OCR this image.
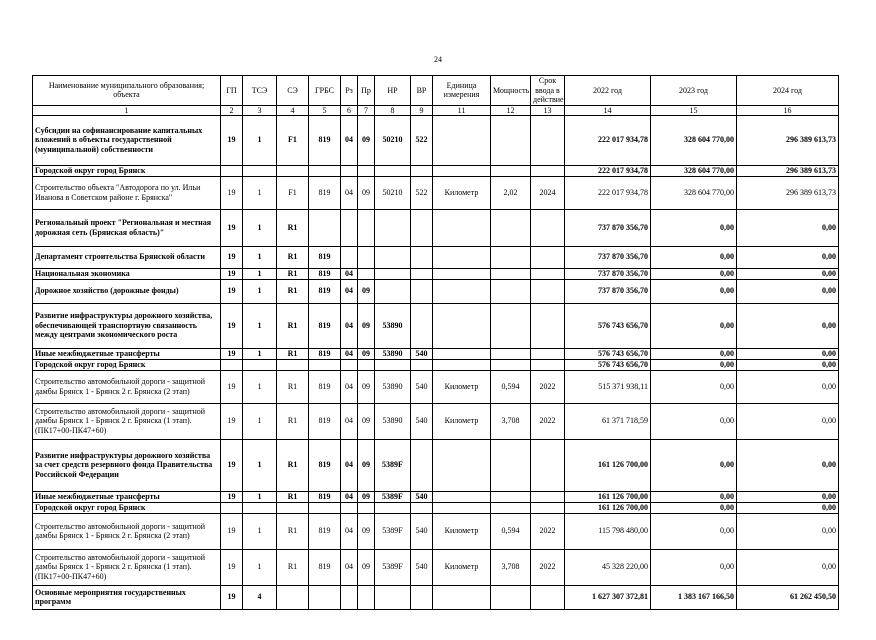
24
Наименование муниципального образования; объекта	ГП	ТСЭ	СЭ	ГРБС	Рз	Пр	НР	ВР	Единица измерения	Мощность	Срок ввода в действие	2022 год	2023 год	2024 год
1	2	3	4	5	6	7	8	9	11	12	13	14	15	16
Субсидии на софинансирование капитальных вложений в объекты государственной (муниципальной) собственности	19	1	F1	819	04	09	50210	522				222 017 934,78	328 604 770,00	296 389 613,73
Городской округ город Брянск												222 017 934,78	328 604 770,00	296 389 613,73
Строительство объекта "Автодорога по ул. Ильи Иванова в Советском районе г. Брянска"	19	1	F1	819	04	09	50210	522	Километр	2,02	2024	222 017 934,78	328 604 770,00	296 389 613,73
Региональный проект "Региональная и местная дорожная сеть (Брянская область)"	19	1	R1									737 870 356,70	0,00	0,00
Департамент строительства Брянской области	19	1	R1	819								737 870 356,70	0,00	0,00
Национальная экономика	19	1	R1	819	04							737 870 356,70	0,00	0,00
Дорожное хозяйство (дорожные фонды)	19	1	R1	819	04	09						737 870 356,70	0,00	0,00
Развитие инфраструктуры дорожного хозяйства, обеспечивающей транспортную связанность между центрами экономического роста	19	1	R1	819	04	09	53890					576 743 656,70	0,00	0,00
Иные межбюджетные трансферты	19	1	R1	819	04	09	53890	540				576 743 656,70	0,00	0,00
Городской округ город Брянск												576 743 656,70	0,00	0,00
Строительство автомобильной дороги - защитной дамбы Брянск 1 - Брянск 2 г. Брянска (2 этап)	19	1	R1	819	04	09	53890	540	Километр	0,594	2022	515 371 938,11	0,00	0,00
Строительство автомобильной дороги - защитной дамбы Брянск 1 - Брянск 2 г. Брянска (1 этап). (ПК17+00-ПК47+60)	19	1	R1	819	04	09	53890	540	Километр	3,708	2022	61 371 718,59	0,00	0,00
Развитие инфраструктуры дорожного хозяйства за счет средств резервного фонда Правительства Российской Федерации	19	1	R1	819	04	09	5389F					161 126 700,00	0,00	0,00
Иные межбюджетные трансферты	19	1	R1	819	04	09	5389F	540				161 126 700,00	0,00	0,00
Городской округ город Брянск												161 126 700,00	0,00	0,00
Строительство автомобильной дороги - защитной дамбы Брянск 1 - Брянск 2 г. Брянска (2 этап)	19	1	R1	819	04	09	5389F	540	Километр	0,594	2022	115 798 480,00	0,00	0,00
Строительство автомобильной дороги - защитной дамбы Брянск 1 - Брянск 2 г. Брянска (1 этап). (ПК17+00-ПК47+60)	19	1	R1	819	04	09	5389F	540	Километр	3,708	2022	45 328 220,00	0,00	0,00
Основные мероприятия государственных программ	19	4										1 627 307 372,81	1 383 167 166,50	61 262 450,50
